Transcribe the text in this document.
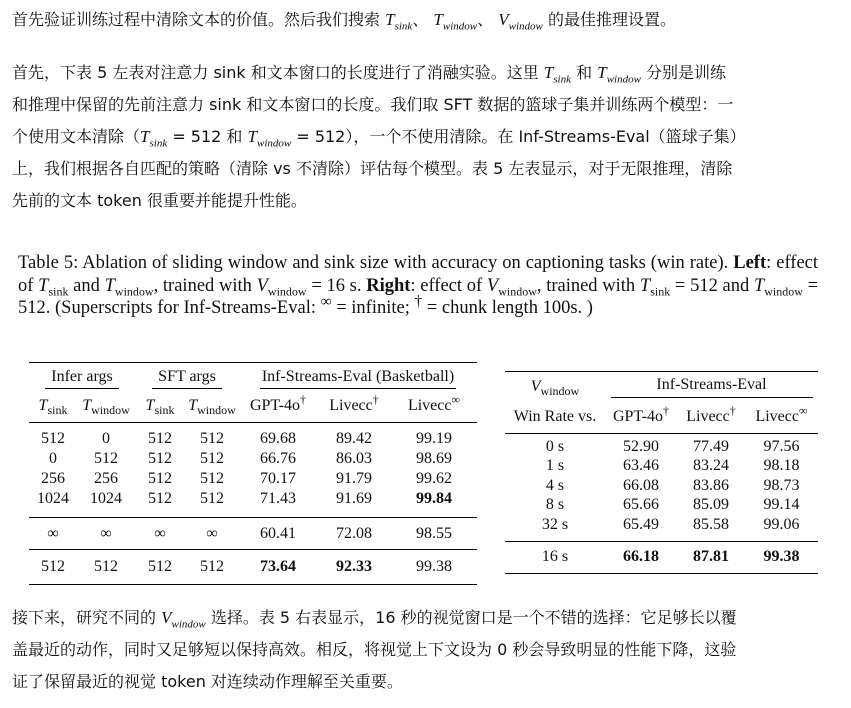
首先验证训练过程中清除文本的价值。然后我们搜索 $T_{sink}$、 $T_{window}$、 $V_{window}$ 的最佳推理设置。

首先，下表 5 左表对注意力 sink 和文本窗口的长度进行了消融实验。这里 $T_{sink}$ 和 $T_{window}$ 分别是训练
和推理中保留的先前注意力 sink 和文本窗口的长度。我们取 SFT 数据的篮球子集并训练两个模型：一
个使用文本清除（$T_{sink} = 512$ 和 $T_{window} = 512$），一个不使用清除。在 Inf-Streams-Eval（篮球子集）
上，我们根据各自匹配的策略（清除 vs 不清除）评估每个模型。表 5 左表显示，对于无限推理，清除
先前的文本 token 很重要并能提升性能。

Table 5: Ablation of sliding window and sink size with accuracy on captioning tasks (win rate). Left: effect of $T_{sink}$ and $T_{window}$, trained with $V_{window} = 16$ s. Right: effect of $V_{window}$, trained with $T_{sink} = 512$ and $T_{window} = 512$. (Superscripts for Inf-Streams-Eval: ∞ = infinite; † = chunk length 100s. )

Infer args		SFT args		Inf-Streams-Eval (Basketball)		
$T_{sink}$	$T_{window}$	$T_{sink}$	$T_{window}$	GPT-4o†	Livecc†	Livecc∞

512	0	512	512	69.68	89.42	99.19
0	512	512	512	66.76	86.03	98.69
256	256	512	512	70.17	91.79	99.62
1024	1024	512	512	71.43	91.69	99.84

∞	∞	∞	∞	60.41	72.08	98.55
512	512	512	512	73.64	92.33	99.38
$V_{window}$	Inf-Streams-Eval		
Win Rate vs.	GPT-4o†	Livecc†	Livecc∞

0 s	52.90	77.49	97.56
1 s	63.46	83.24	98.18
4 s	66.08	83.86	98.73
8 s	65.66	85.09	99.14
32 s	65.49	85.58	99.06

16 s	66.18	87.81	99.38

接下来，研究不同的 $V_{window}$ 选择。表 5 右表显示，16 秒的视觉窗口是一个不错的选择：它足够长以覆
盖最近的动作，同时又足够短以保持高效。相反，将视觉上下文设为 0 秒会导致明显的性能下降，这验
证了保留最近的视觉 token 对连续动作理解至关重要。
